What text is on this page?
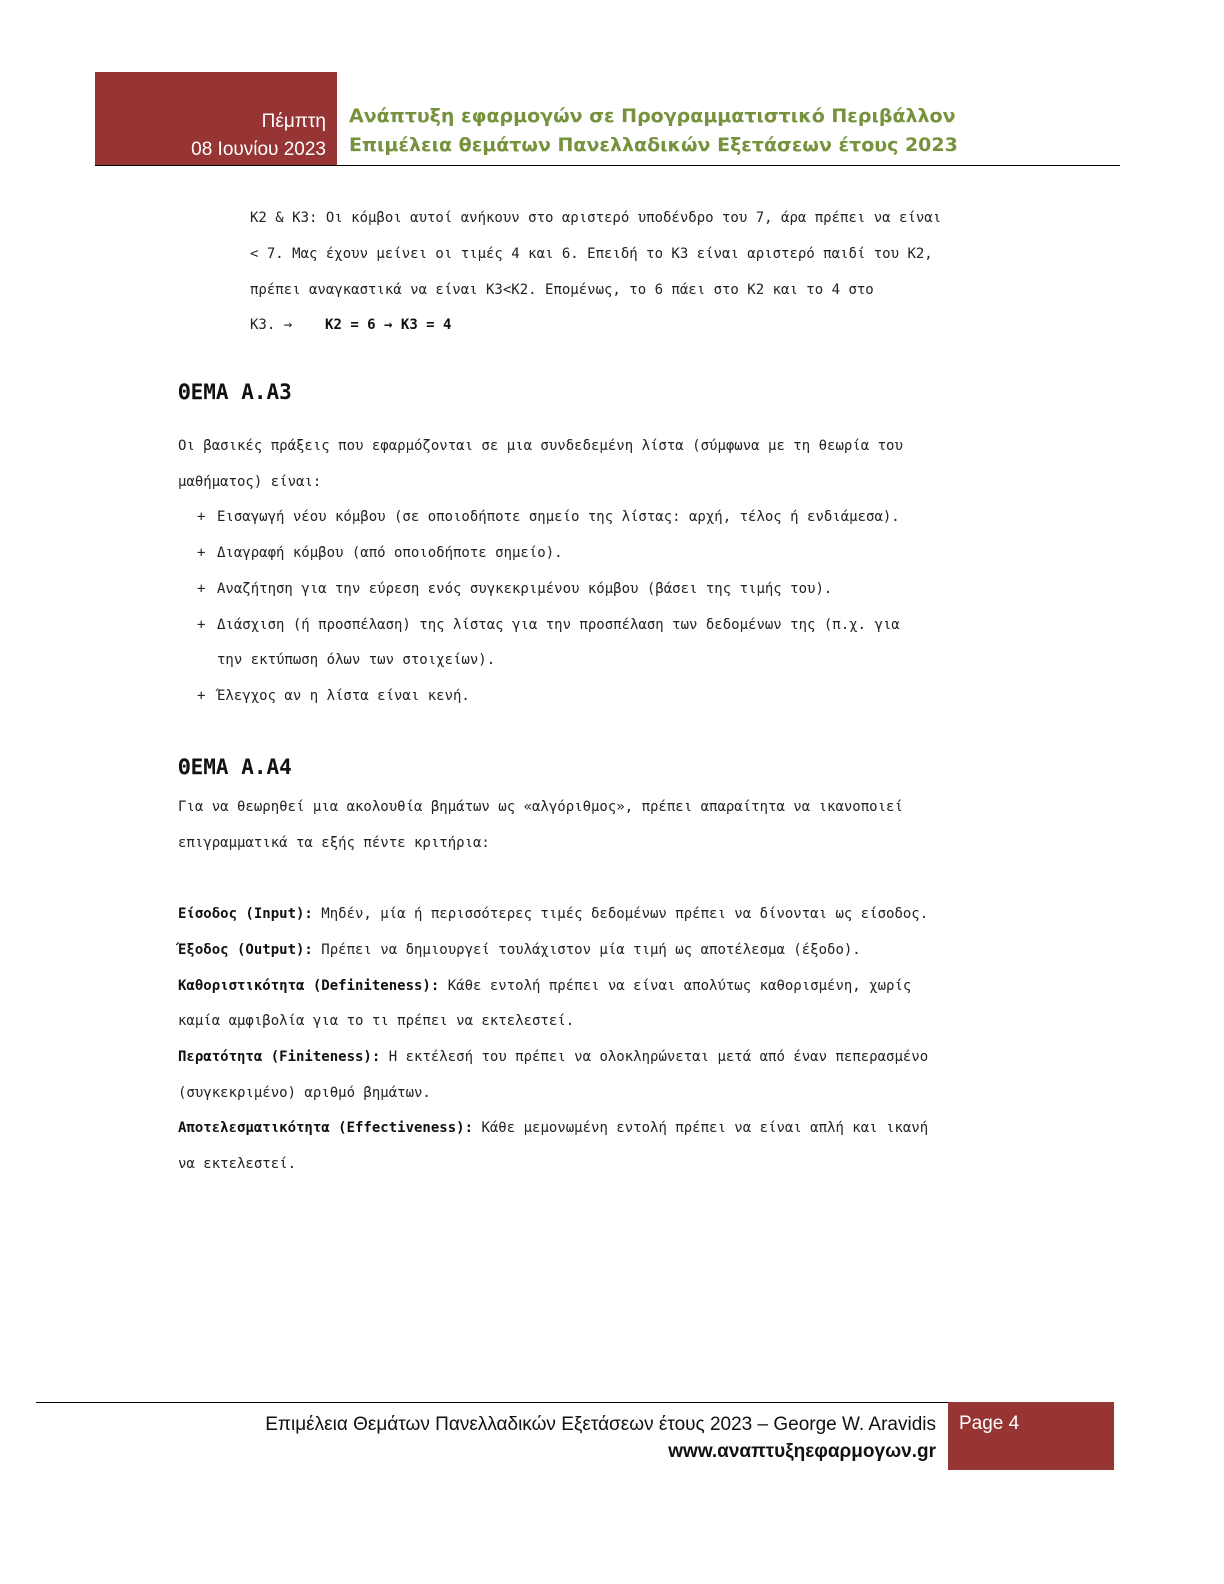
Πέμπτη
08 Ιουνίου 2023
Ανάπτυξη εφαρμογών σε Προγραμματιστικό Περιβάλλον
Επιμέλεια θεμάτων Πανελλαδικών Εξετάσεων έτους 2023
Κ2 & Κ3: Οι κόμβοι αυτοί ανήκουν στο αριστερό υποδένδρο του 7, άρα πρέπει να είναι
< 7. Μας έχουν μείνει οι τιμές 4 και 6. Επειδή το Κ3 είναι αριστερό παιδί του Κ2,
πρέπει αναγκαστικά να είναι Κ3<Κ2. Επομένως, το 6 πάει στο Κ2 και το 4 στο
Κ3. → Κ2 = 6 → Κ3 = 4
ΘΕΜΑ Α.Α3
Οι βασικές πράξεις που εφαρμόζονται σε μια συνδεδεμένη λίστα (σύμφωνα με τη θεωρία του
μαθήματος) είναι:
+ Εισαγωγή νέου κόμβου (σε οποιοδήποτε σημείο της λίστας: αρχή, τέλος ή ενδιάμεσα).
+ Διαγραφή κόμβου (από οποιοδήποτε σημείο).
+ Αναζήτηση για την εύρεση ενός συγκεκριμένου κόμβου (βάσει της τιμής του).
+ Διάσχιση (ή προσπέλαση) της λίστας για την προσπέλαση των δεδομένων της (π.χ. για
την εκτύπωση όλων των στοιχείων).
+ Έλεγχος αν η λίστα είναι κενή.
ΘΕΜΑ Α.Α4
Για να θεωρηθεί μια ακολουθία βημάτων ως «αλγόριθμος», πρέπει απαραίτητα να ικανοποιεί
επιγραμματικά τα εξής πέντε κριτήρια:
Είσοδος (Input): Μηδέν, μία ή περισσότερες τιμές δεδομένων πρέπει να δίνονται ως είσοδος.
Έξοδος (Output): Πρέπει να δημιουργεί τουλάχιστον μία τιμή ως αποτέλεσμα (έξοδο).
Καθοριστικότητα (Definiteness): Κάθε εντολή πρέπει να είναι απολύτως καθορισμένη, χωρίς
καμία αμφιβολία για το τι πρέπει να εκτελεστεί.
Περατότητα (Finiteness): Η εκτέλεσή του πρέπει να ολοκληρώνεται μετά από έναν πεπερασμένο
(συγκεκριμένο) αριθμό βημάτων.
Αποτελεσματικότητα (Effectiveness): Κάθε μεμονωμένη εντολή πρέπει να είναι απλή και ικανή
να εκτελεστεί.
Επιμέλεια Θεμάτων Πανελλαδικών Εξετάσεων έτους 2023 – George W. Aravidis
www.αναπτυξηεφαρμογων.gr
Page 4
